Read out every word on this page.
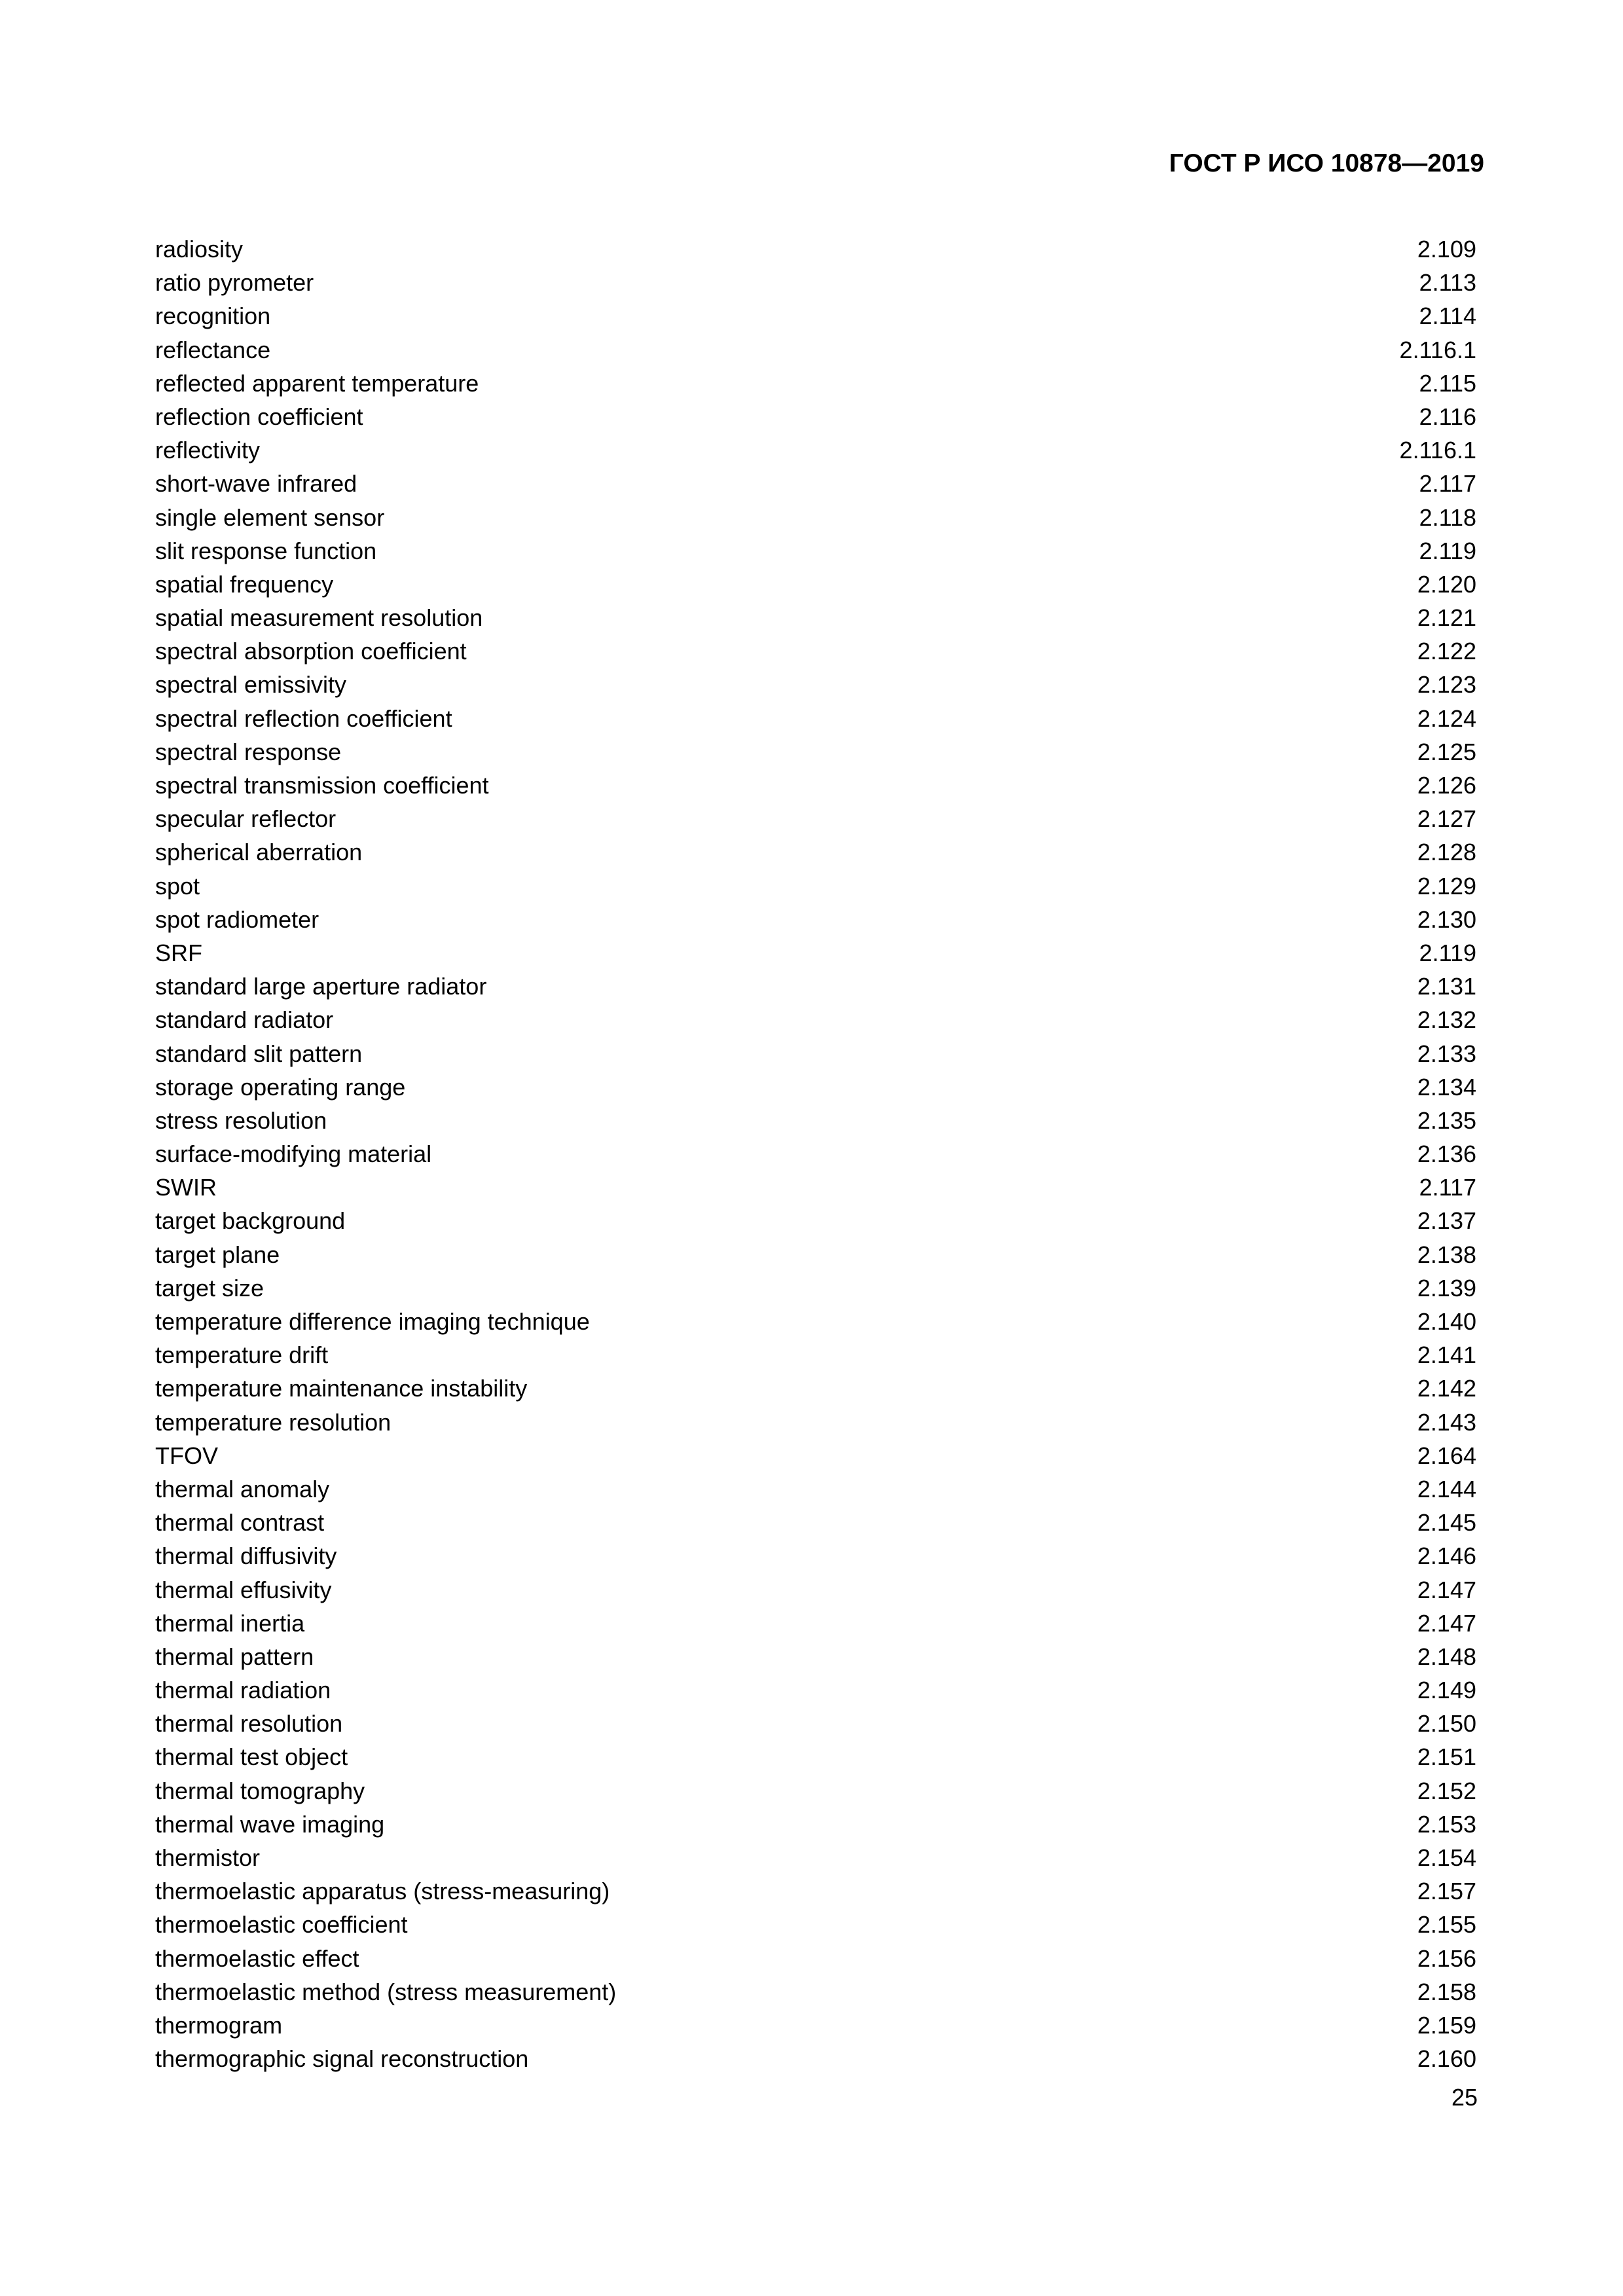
ГОСТ Р ИСО 10878—2019
radiosity	2.109
ratio pyrometer	2.113
recognition	2.114
reflectance	2.116.1
reflected apparent temperature	2.115
reflection coefficient	2.116
reflectivity	2.116.1
short-wave infrared	2.117
single element sensor	2.118
slit response function	2.119
spatial frequency	2.120
spatial measurement resolution	2.121
spectral absorption coefficient	2.122
spectral emissivity	2.123
spectral reflection coefficient	2.124
spectral response	2.125
spectral transmission coefficient	2.126
specular reflector	2.127
spherical aberration	2.128
spot	2.129
spot radiometer	2.130
SRF	2.119
standard large aperture radiator	2.131
standard radiator	2.132
standard slit pattern	2.133
storage operating range	2.134
stress resolution	2.135
surface-modifying material	2.136
SWIR	2.117
target background	2.137
target plane	2.138
target size	2.139
temperature difference imaging technique	2.140
temperature drift	2.141
temperature maintenance instability	2.142
temperature resolution	2.143
TFOV	2.164
thermal anomaly	2.144
thermal contrast	2.145
thermal diffusivity	2.146
thermal effusivity	2.147
thermal inertia	2.147
thermal pattern	2.148
thermal radiation	2.149
thermal resolution	2.150
thermal test object	2.151
thermal tomography	2.152
thermal wave imaging	2.153
thermistor	2.154
thermoelastic apparatus (stress-measuring)	2.157
thermoelastic coefficient	2.155
thermoelastic effect	2.156
thermoelastic method (stress measurement)	2.158
thermogram	2.159
thermographic signal reconstruction	2.160
25
